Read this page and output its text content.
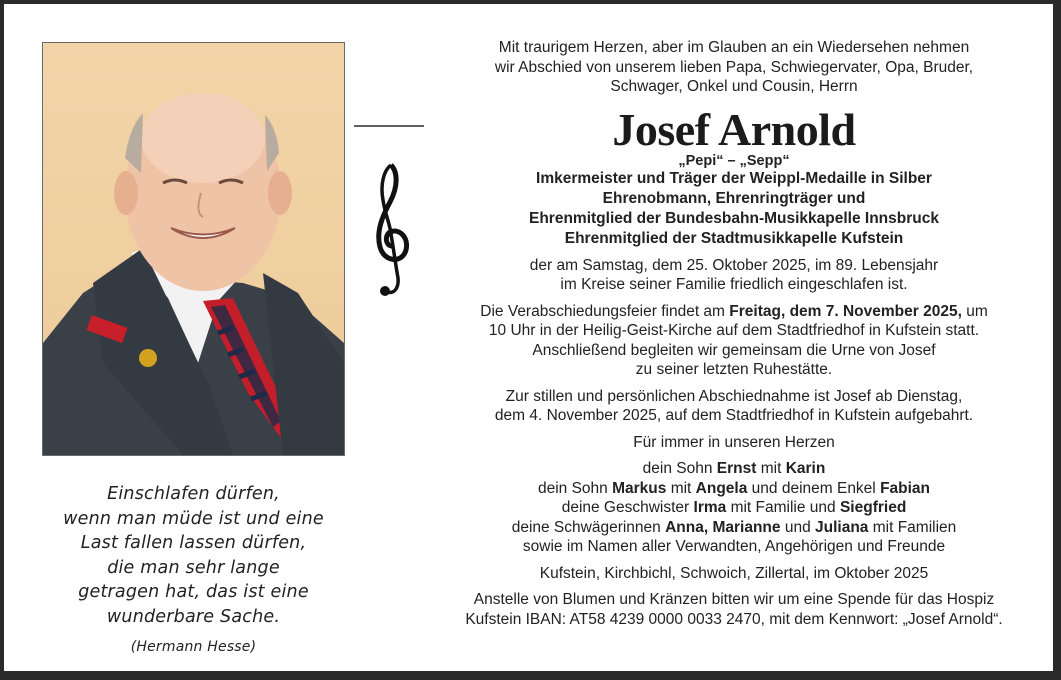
Einschlafen dürfen,
wenn man müde ist und eine
Last fallen lassen dürfen,
die man sehr lange
getragen hat, das ist eine
wunderbare Sache.
(Hermann Hesse)
Mit traurigem Herzen, aber im Glauben an ein Wiedersehen nehmen
wir Abschied von unserem lieben Papa, Schwiegervater, Opa, Bruder,
Schwager, Onkel und Cousin, Herrn
Josef Arnold
„Pepi“ – „Sepp“
Imkermeister und Träger der Weippl-Medaille in Silber
Ehrenobmann, Ehrenringträger und
Ehrenmitglied der Bundesbahn-Musikkapelle Innsbruck
Ehrenmitglied der Stadtmusikkapelle Kufstein
der am Samstag, dem 25. Oktober 2025, im 89. Lebensjahr
im Kreise seiner Familie friedlich eingeschlafen ist.
Die Verabschiedungsfeier findet am Freitag, dem 7. November 2025, um
10 Uhr in der Heilig-Geist-Kirche auf dem Stadtfriedhof in Kufstein statt.
Anschließend begleiten wir gemeinsam die Urne von Josef
zu seiner letzten Ruhestätte.
Zur stillen und persönlichen Abschiednahme ist Josef ab Dienstag,
dem 4. November 2025, auf dem Stadtfriedhof in Kufstein aufgebahrt.
Für immer in unseren Herzen
dein Sohn Ernst mit Karin
dein Sohn Markus mit Angela und deinem Enkel Fabian
deine Geschwister Irma mit Familie und Siegfried
deine Schwägerinnen Anna, Marianne und Juliana mit Familien
sowie im Namen aller Verwandten, Angehörigen und Freunde
Kufstein, Kirchbichl, Schwoich, Zillertal, im Oktober 2025
Anstelle von Blumen und Kränzen bitten wir um eine Spende für das Hospiz
Kufstein IBAN: AT58 4239 0000 0033 2470, mit dem Kennwort: „Josef Arnold“.
